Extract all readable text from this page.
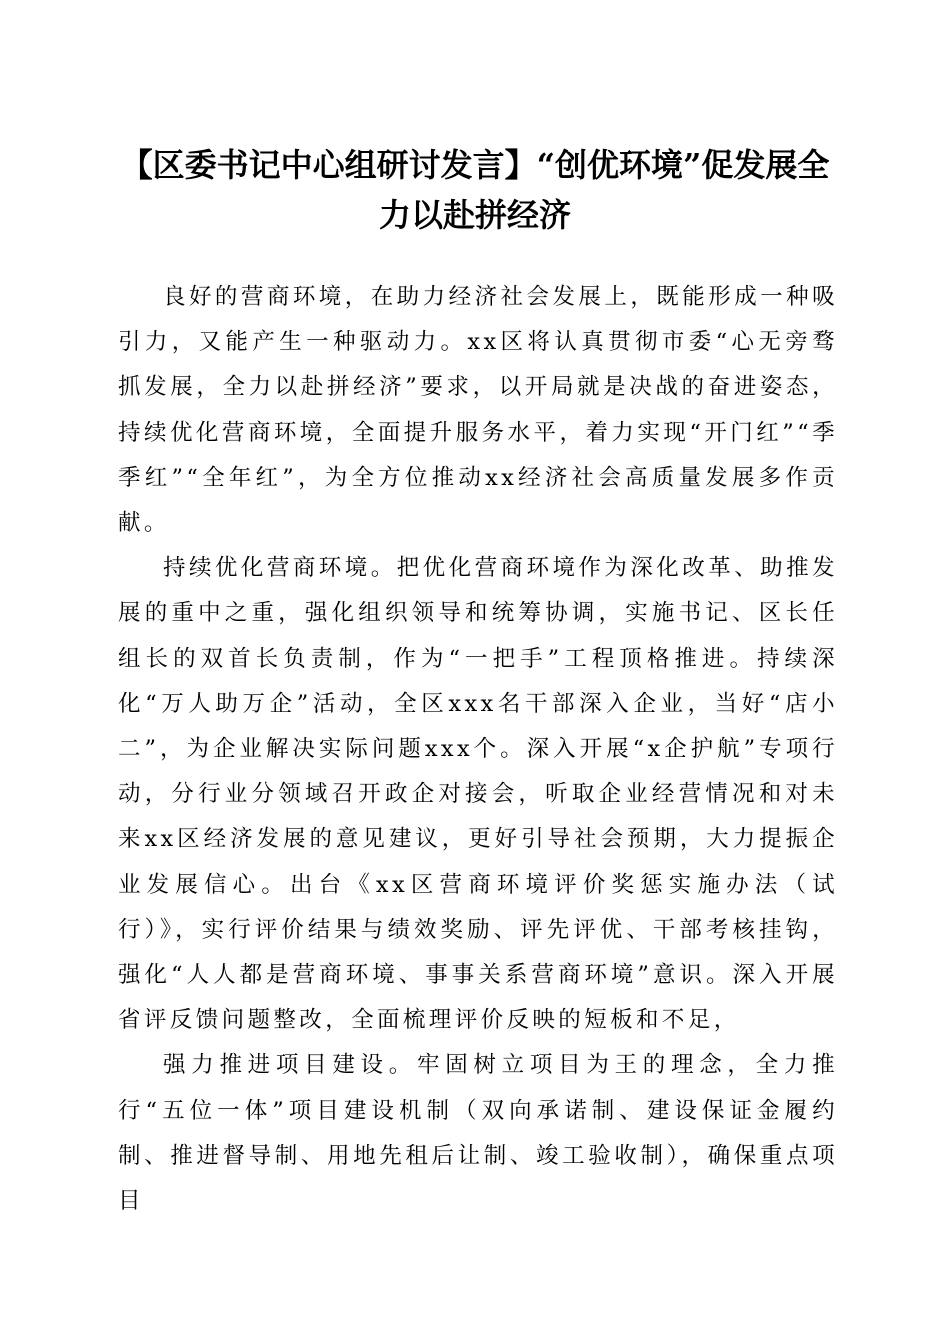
【区委书记中心组研讨发言】“创优环境”促发展全力以赴拼经济

良好的营商环境，在助力经济社会发展上，既能形成一种吸引力，又能产生一种驱动力。xx区将认真贯彻市委“心无旁骛抓发展，全力以赴拼经济”要求，以开局就是决战的奋进姿态，持续优化营商环境，全面提升服务水平，着力实现“开门红”“季季红”“全年红”，为全方位推动xx经济社会高质量发展多作贡献。

持续优化营商环境。把优化营商环境作为深化改革、助推发展的重中之重，强化组织领导和统筹协调，实施书记、区长任组长的双首长负责制，作为“一把手”工程顶格推进。持续深化“万人助万企”活动，全区xxx名干部深入企业，当好“店小二”，为企业解决实际问题xxx个。深入开展“x企护航”专项行动，分行业分领域召开政企对接会，听取企业经营情况和对未来xx区经济发展的意见建议，更好引导社会预期，大力提振企业发展信心。出台《xx区营商环境评价奖惩实施办法（试行）》，实行评价结果与绩效奖励、评先评优、干部考核挂钩，强化“人人都是营商环境、事事关系营商环境”意识。深入开展省评反馈问题整改，全面梳理评价反映的短板和不足，

强力推进项目建设。牢固树立项目为王的理念，全力推行“五位一体”项目建设机制（双向承诺制、建设保证金履约制、推进督导制、用地先租后让制、竣工验收制），确保重点项目
